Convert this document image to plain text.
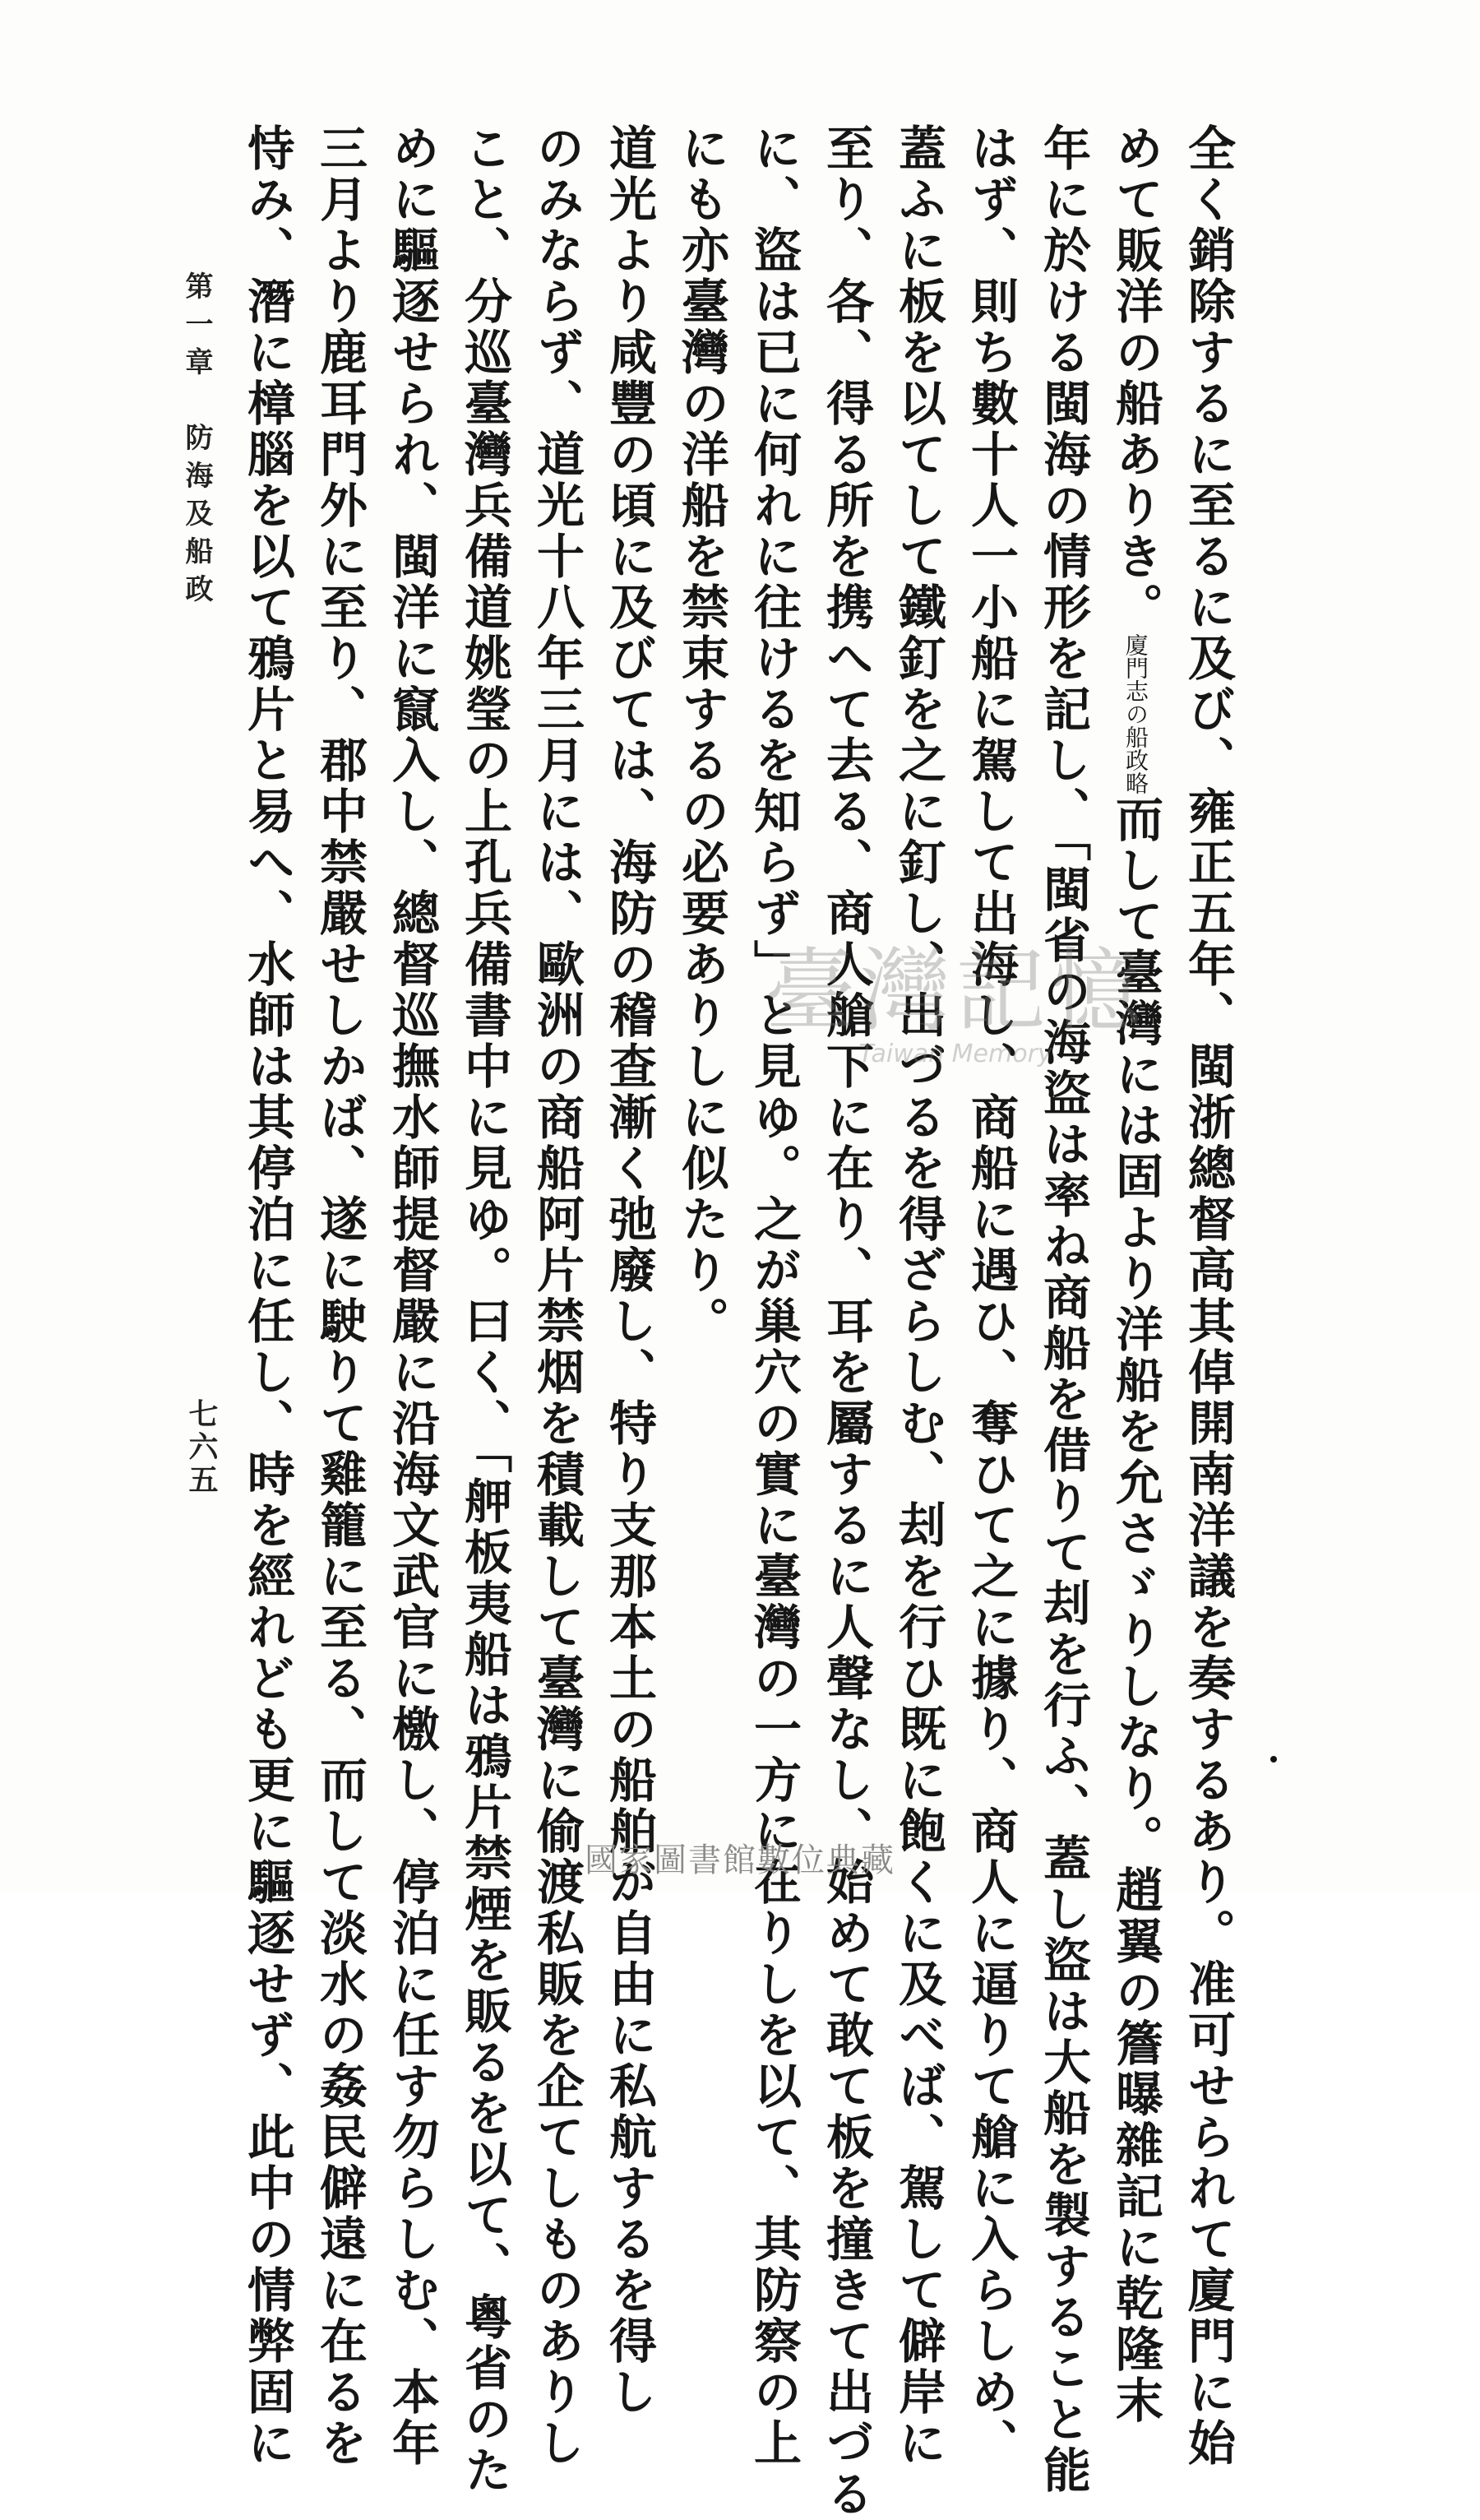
全く銷除するに至るに及び、雍正五年、閩浙總督高其倬開南洋議を奏するあり。准可せられて廈門に始
めて販洋の船ありき。廈門志の船政略而して臺灣には固より洋船を允さゞりしなり。趙翼の簷曝雜記に乾隆末
年に於ける閩海の情形を記し、「閩省の海盜は率ね商船を借りて刦を行ふ、蓋し盜は大船を製すること能
はず、則ち數十人一小船に駕して出海し、商船に遇ひ、奪ひて之に據り、商人に逼りて艙に入らしめ、
蓋ふに板を以てして鐵釘を之に釘し、出づるを得ざらしむ、刦を行ひ既に飽くに及べば、駕して僻岸に
至り、各、得る所を携へて去る、商人艙下に在り、耳を屬するに人聲なし、始めて敢て板を撞きて出づる
に、盜は已に何れに往けるを知らず」と見ゆ。之が巢穴の實に臺灣の一方に在りしを以て、其防察の上
にも亦臺灣の洋船を禁束するの必要ありしに似たり。
道光より咸豐の頃に及びては、海防の稽查漸く弛廢し、特り支那本土の船舶が自由に私航するを得し
のみならず、道光十八年三月には、歐洲の商船阿片禁烟を積載して臺灣に偷渡私販を企てしものありし
こと、分巡臺灣兵備道姚瑩の上孔兵備書中に見ゆ。曰く、「舺板夷船は鴉片禁煙を販るを以て、粵省のた
めに驅逐せられ、閩洋に竄入し、總督巡撫水師提督嚴に沿海文武官に檄し、停泊に任す勿らしむ、本年
三月より鹿耳門外に至り、郡中禁嚴せしかば、遂に駛りて雞籠に至る、而して淡水の姦民僻遠に在るを
恃み、潛に樟腦を以て鴉片と易へ、水師は其停泊に任し、時を經れども更に驅逐せず、此中の情弊固に
第一章　防海及船政
七六五
臺灣記憶
Taiwan Memory
國家圖書館數位典藏
